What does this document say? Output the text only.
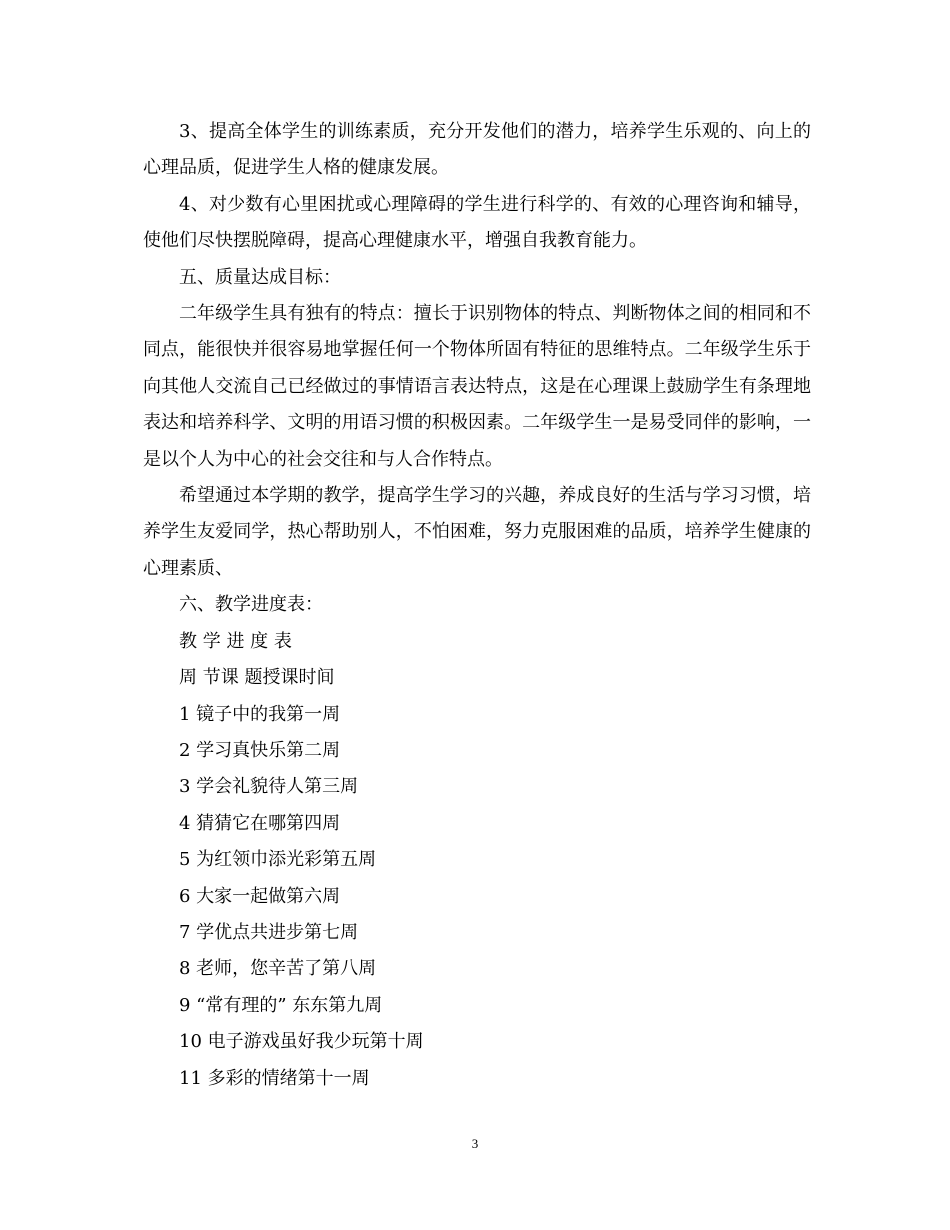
3、提高全体学生的训练素质，充分开发他们的潜力，培养学生乐观的、向上的心理品质，促进学生人格的健康发展。

4、对少数有心里困扰或心理障碍的学生进行科学的、有效的心理咨询和辅导，使他们尽快摆脱障碍，提高心理健康水平，增强自我教育能力。

五、质量达成目标：

二年级学生具有独有的特点：擅长于识别物体的特点、判断物体之间的相同和不同点，能很快并很容易地掌握任何一个物体所固有特征的思维特点。二年级学生乐于向其他人交流自己已经做过的事情语言表达特点，这是在心理课上鼓励学生有条理地表达和培养科学、文明的用语习惯的积极因素。二年级学生一是易受同伴的影响，一是以个人为中心的社会交往和与人合作特点。

希望通过本学期的教学，提高学生学习的兴趣，养成良好的生活与学习习惯，培养学生友爱同学，热心帮助别人，不怕困难，努力克服困难的品质，培养学生健康的心理素质、

六、教学进度表：

教 学 进 度 表

周 节课 题授课时间

1 镜子中的我第一周

2 学习真快乐第二周

3 学会礼貌待人第三周

4 猜猜它在哪第四周

5 为红领巾添光彩第五周

6 大家一起做第六周

7 学优点共进步第七周

8 老师，您辛苦了第八周

9 “常有理的” 东东第九周

10 电子游戏虽好我少玩第十周

11 多彩的情绪第十一周

3
